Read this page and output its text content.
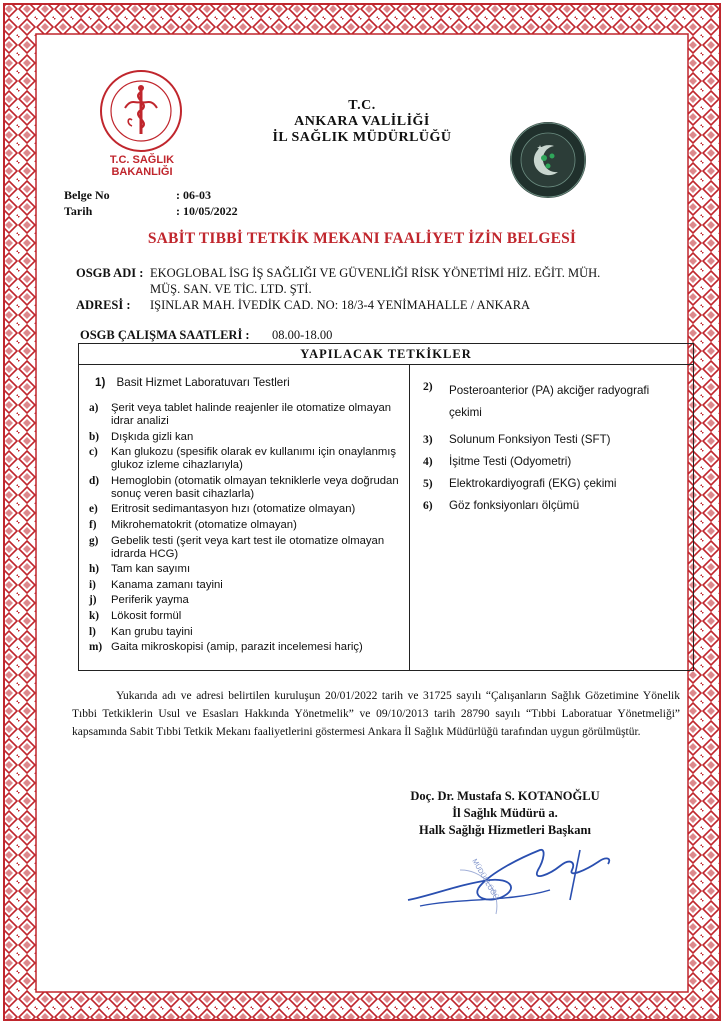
T.C. SAĞLIK BAKANLIĞI
T.C.
ANKARA VALİLİĞİ
İL SAĞLIK MÜDÜRLÜĞÜ
Belge No	: 06-03
Tarih	: 10/05/2022
SABİT TIBBİ TETKİK MEKANI FAALİYET İZİN BELGESİ
OSGB ADI : EKOGLOBAL İSG İŞ SAĞLIĞI VE GÜVENLİĞİ RİSK YÖNETİMİ HİZ. EĞİT. MÜH.
MÜŞ. SAN. VE TİC. LTD. ŞTİ.
ADRESİ : IŞINLAR MAH. İVEDİK CAD. NO: 18/3-4 YENİMAHALLE / ANKARA
OSGB ÇALIŞMA SAATLERİ : 08.00-18.00
YAPILACAK TETKİKLER
1) Basit Hizmet Laboratuvarı Testleri
a)	Şerit veya tablet halinde reajenler ile otomatize olmayan idrar analizi
b)	Dışkıda gizli kan
c)	Kan glukozu (spesifik olarak ev kullanımı için onaylanmış glukoz izleme cihazlarıyla)
d)	Hemoglobin (otomatik olmayan tekniklerle veya doğrudan sonuç veren basit cihazlarla)
e)	Eritrosit sedimantasyon hızı (otomatize olmayan)
f)	Mikrohematokrit (otomatize olmayan)
g)	Gebelik testi (şerit veya kart test ile otomatize olmayan idrarda HCG)
h)	Tam kan sayımı
i)	Kanama zamanı tayini
j)	Periferik yayma
k)	Lökosit formül
l)	Kan grubu tayini
m) Gaita mikroskopisi (amip, parazit incelemesi hariç)
2)	Posteroanterior (PA) akciğer radyografi çekimi
3)	Solunum Fonksiyon Testi (SFT)
4)	İşitme Testi (Odyometri)
5)	Elektrokardiyografi (EKG) çekimi
6)	Göz fonksiyonları ölçümü
Yukarıda adı ve adresi belirtilen kuruluşun 20/01/2022 tarih ve 31725 sayılı “Çalışanların Sağlık Gözetimine Yönelik Tıbbi Tetkiklerin Usul ve Esasları Hakkında Yönetmelik” ve 09/10/2013 tarih 28790 sayılı “Tıbbi Laboratuar Yönetmeliği” kapsamında Sabit Tıbbi Tetkik Mekanı faaliyetlerini göstermesi Ankara İl Sağlık Müdürlüğü tarafından uygun görülmüştür.
Doç. Dr. Mustafa S. KOTANOĞLU
İl Sağlık Müdürü a.
Halk Sağlığı Hizmetleri Başkanı
MÜDÜRLÜĞÜ
